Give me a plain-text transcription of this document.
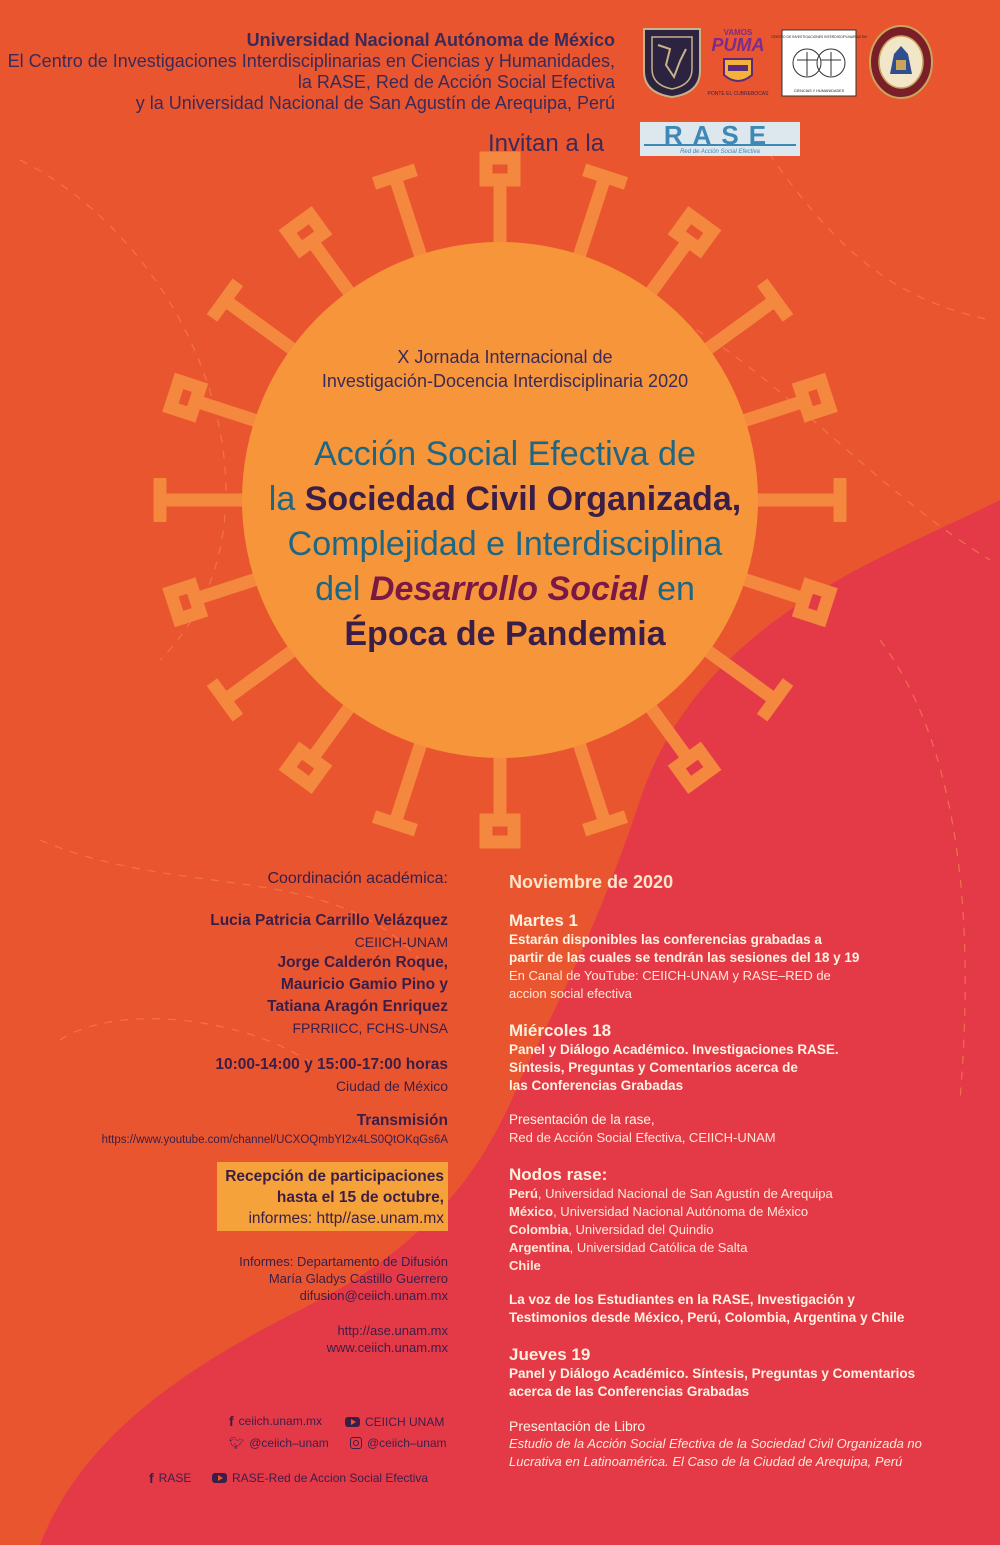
Universidad Nacional Autónoma de México
El Centro de Investigaciones Interdisciplinarias en Ciencias y Humanidades,
la RASE, Red de Acción Social Efectiva
y la Universidad Nacional de San Agustín de Arequipa, Perú
Invitan a la
VAMOS
PUMA
PONTE EL CUBREBOCAS
CENTRO DE INVESTIGACIONES INTERDISCIPLINARIAS EN
CIENCIAS Y HUMANIDADES
RASE
Red de Acción Social Efectiva
X Jornada Internacional de
Investigación-Docencia Interdisciplinaria 2020
Acción Social Efectiva de
la Sociedad Civil Organizada,
Complejidad e Interdisciplina
del Desarrollo Social en
Época de Pandemia
Coordinación académica:
Lucia Patricia Carrillo Velázquez
CEIICH-UNAM
Jorge Calderón Roque,
Mauricio Gamio Pino y
Tatiana Aragón Enriquez
FPRRIICC, FCHS-UNSA
10:00-14:00 y 15:00-17:00 horas
Ciudad de México
Transmisión
https://www.youtube.com/channel/UCXOQmbYI2x4LS0QtOKqGs6A
Recepción de participaciones
hasta el 15 de octubre,
informes: http//ase.unam.mx
Informes: Departamento de Difusión
María Gladys Castillo Guerrero
difusion@ceiich.unam.mx
http://ase.unam.mx
www.ceiich.unam.mx
f ceiich.unam.mx	CEIICH UNAM
🐦︎ @ceiich–unam	@ceiich–unam
f RASE	RASE-Red de Accion Social Efectiva
Noviembre de 2020
Martes 1
Estarán disponibles las conferencias grabadas a
partir de las cuales se tendrán las sesiones del 18 y 19
En Canal de YouTube: CEIICH-UNAM y RASE–RED de
accion social efectiva
Miércoles 18
Panel y Diálogo Académico. Investigaciones RASE.
Síntesis, Preguntas y Comentarios acerca de
las Conferencias Grabadas
Presentación de la rase,
Red de Acción Social Efectiva, CEIICH-UNAM
Nodos rase:
Perú, Universidad Nacional de San Agustín de Arequipa
México, Universidad Nacional Autónoma de México
Colombia, Universidad del Quindio
Argentina, Universidad Católica de Salta
Chile
La voz de los Estudiantes en la RASE, Investigación y
Testimonios desde México, Perú, Colombia, Argentina y Chile
Jueves 19
Panel y Diálogo Académico. Síntesis, Preguntas y Comentarios
acerca de las Conferencias Grabadas
Presentación de Libro
Estudio de la Acción Social Efectiva de la Sociedad Civil Organizada no
Lucrativa en Latinoamérica. El Caso de la Ciudad de Arequipa, Perú
